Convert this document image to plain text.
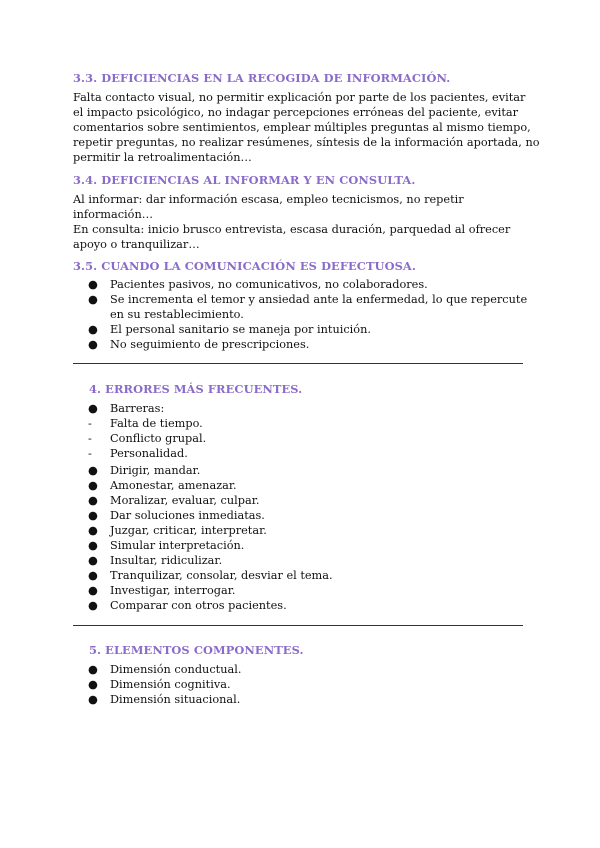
3.3. DEFICIENCIAS EN LA RECOGIDA DE INFORMACIÓN.
Falta contacto visual, no permitir explicación por parte de los pacientes, evitar
el impacto psicológico, no indagar percepciones erróneas del paciente, evitar
comentarios sobre sentimientos, emplear múltiples preguntas al mismo tiempo,
repetir preguntas, no realizar resúmenes, síntesis de la información aportada, no
permitir la retroalimentación…
3.4. DEFICIENCIAS AL INFORMAR Y EN CONSULTA.
Al informar: dar información escasa, empleo tecnicismos, no repetir
información…
En consulta: inicio brusco entrevista, escasa duración, parquedad al ofrecer
apoyo o tranquilizar…
3.5. CUANDO LA COMUNICACIÓN ES DEFECTUOSA.
● Pacientes pasivos, no comunicativos, no colaboradores.
● Se incrementa el temor y ansiedad ante la enfermedad, lo que repercute
en su restablecimiento.
● El personal sanitario se maneja por intuición.
● No seguimiento de prescripciones.
4. ERRORES MÁS FRECUENTES.
● Barreras:
- Falta de tiempo.
- Conflicto grupal.
- Personalidad.
● Dirigir, mandar.
● Amonestar, amenazar.
● Moralizar, evaluar, culpar.
● Dar soluciones inmediatas.
● Juzgar, criticar, interpretar.
● Simular interpretación.
● Insultar, ridiculizar.
● Tranquilizar, consolar, desviar el tema.
● Investigar, interrogar.
● Comparar con otros pacientes.
5. ELEMENTOS COMPONENTES.
● Dimensión conductual.
● Dimensión cognitiva.
● Dimensión situacional.
